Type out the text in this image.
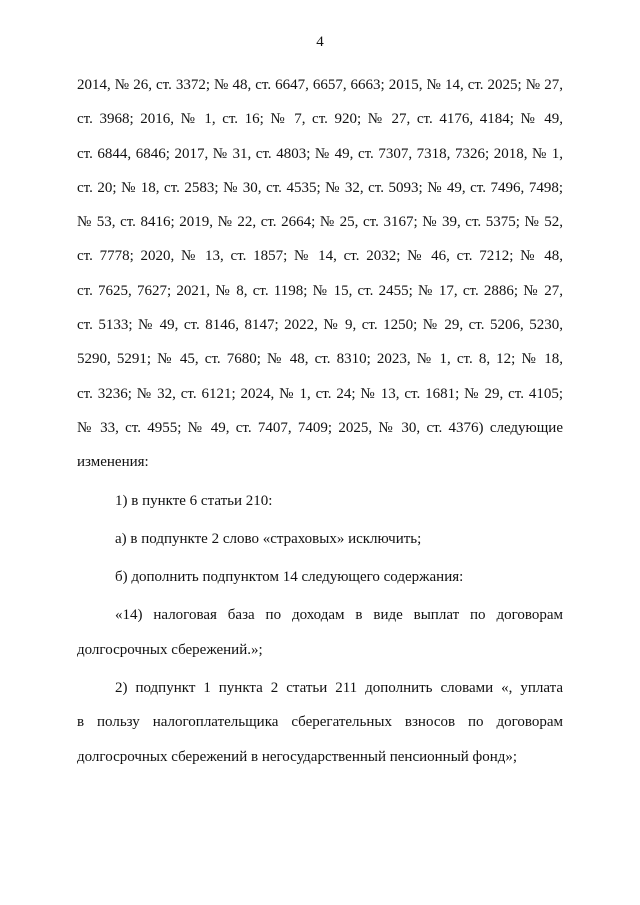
4

2014, № 26, ст. 3372; № 48, ст. 6647, 6657, 6663; 2015, № 14, ст. 2025; № 27,

ст. 3968; 2016, № 1, ст. 16; № 7, ст. 920; № 27, ст. 4176, 4184; № 49,

ст. 6844, 6846; 2017, № 31, ст. 4803; № 49, ст. 7307, 7318, 7326; 2018, № 1,

ст. 20; № 18, ст. 2583; № 30, ст. 4535; № 32, ст. 5093; № 49, ст. 7496, 7498;

№ 53, ст. 8416; 2019, № 22, ст. 2664; № 25, ст. 3167; № 39, ст. 5375; № 52,

ст. 7778; 2020, № 13, ст. 1857; № 14, ст. 2032; № 46, ст. 7212; № 48,

ст. 7625, 7627; 2021, № 8, ст. 1198; № 15, ст. 2455; № 17, ст. 2886; № 27,

ст. 5133; № 49, ст. 8146, 8147; 2022, № 9, ст. 1250; № 29, ст. 5206, 5230,

5290, 5291; № 45, ст. 7680; № 48, ст. 8310; 2023, № 1, ст. 8, 12; № 18,

ст. 3236; № 32, ст. 6121; 2024, № 1, ст. 24; № 13, ст. 1681; № 29, ст. 4105;

№ 33, ст. 4955; № 49, ст. 7407, 7409; 2025, № 30, ст. 4376) следующие

изменения:

1) в пункте 6 статьи 210:

а) в подпункте 2 слово «страховых» исключить;

б) дополнить подпунктом 14 следующего содержания:

«14) налоговая база по доходам в виде выплат по договорам

долгосрочных сбережений.»;

2) подпункт 1 пункта 2 статьи 211 дополнить словами «, уплата

в пользу налогоплательщика сберегательных взносов по договорам

долгосрочных сбережений в негосударственный пенсионный фонд»;
